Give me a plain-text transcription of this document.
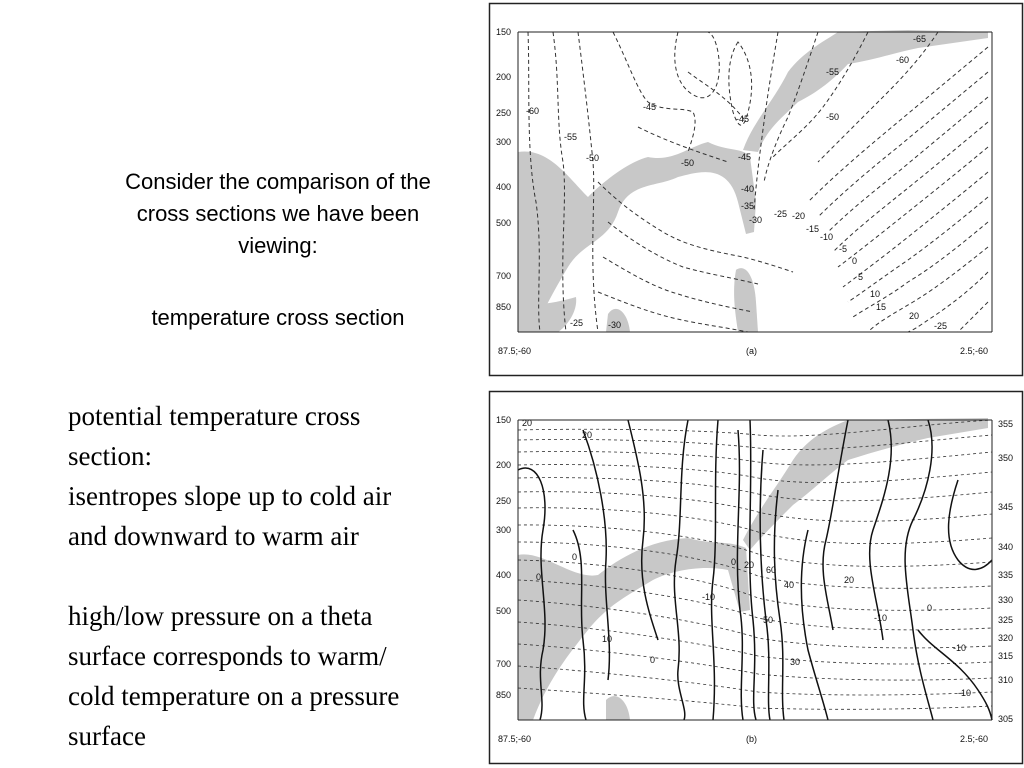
Consider the comparison of the
cross sections we have been
viewing:
temperature cross section
potential temperature cross
section:
isentropes slope up to cold air
and downward to warm air
high/low pressure on a theta
surface corresponds to warm/
cold temperature on a pressure
surface
150
200
250
300
400
500
700
850
87.5;-60	2.5;-60
(a)
-65
-60
-55
-50
-45
-45
-45
-60
-55
-50	-50
-40
-35
-30
-25 -20
-15
-10
-5
0
5
10
15
20
-25
-25	-30
150
200
250
300
400
500
700
850
355
350
345
340
335
330
325
320
315
310
305
87.5;-60	2.5;-60
(b)
20
20
0
0
10
0
-10
0 20 60
40
50
30
20
-10
0
-10
-10
